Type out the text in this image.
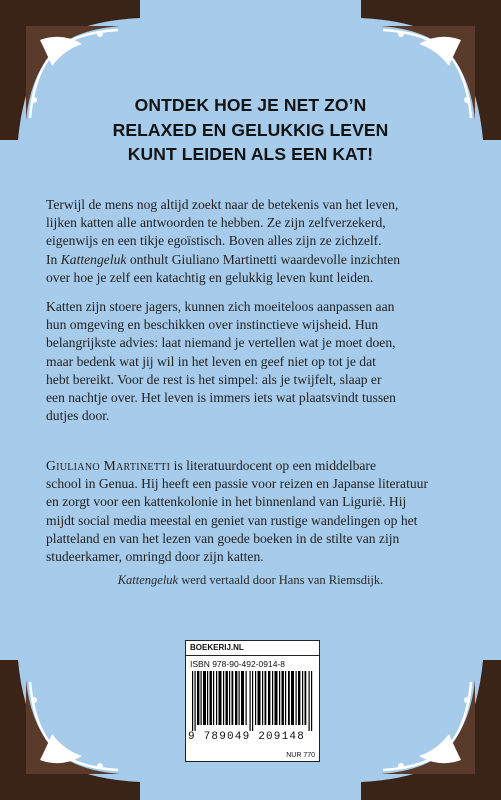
ONTDEK HOE JE NET ZO’N
RELAXED EN GELUKKIG LEVEN
KUNT LEIDEN ALS EEN KAT!
Terwijl de mens nog altijd zoekt naar de betekenis van het leven,
lijken katten alle antwoorden te hebben. Ze zijn zelfverzekerd,
eigenwijs en een tikje egoïstisch. Boven alles zijn ze zichzelf.
In Kattengeluk onthult Giuliano Martinetti waardevolle inzichten
over hoe je zelf een katachtig en gelukkig leven kunt leiden.
Katten zijn stoere jagers, kunnen zich moeiteloos aanpassen aan
hun omgeving en beschikken over instinctieve wijsheid. Hun
belangrijkste advies: laat niemand je vertellen wat je moet doen,
maar bedenk wat jij wil in het leven en geef niet op tot je dat
hebt bereikt. Voor de rest is het simpel: als je twijfelt, slaap er
een nachtje over. Het leven is immers iets wat plaatsvindt tussen
dutjes door.
Giuliano Martinetti is literatuurdocent op een middelbare
school in Genua. Hij heeft een passie voor reizen en Japanse literatuur
en zorgt voor een kattenkolonie in het binnenland van Ligurië. Hij
mijdt social media meestal en geniet van rustige wandelingen op het
platteland en van het lezen van goede boeken in de stilte van zijn
studeerkamer, omringd door zijn katten.
Kattengeluk werd vertaald door Hans van Riemsdijk.
BOEKERIJ.NL
ISBN 978-90-492-0914-8
9 789049 209148
NUR 770
